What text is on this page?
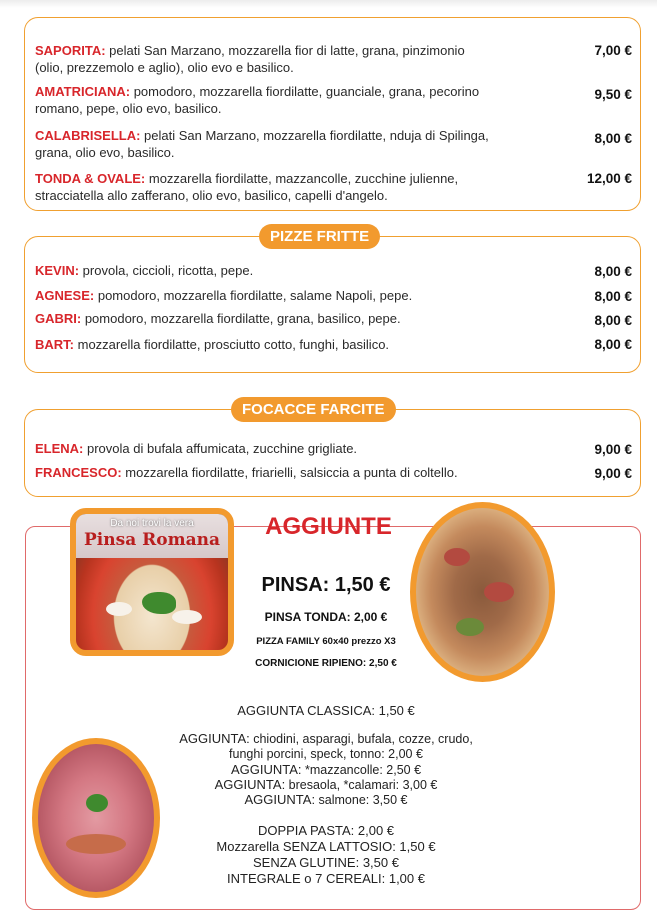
SAPORITA: pelati San Marzano, mozzarella fior di latte, grana, pinzimonio
(olio, prezzemolo e aglio), olio evo e basilico.
7,00 €
AMATRICIANA: pomodoro, mozzarella fiordilatte, guanciale, grana, pecorino
romano, pepe, olio evo, basilico.
9,50 €
CALABRISELLA: pelati San Marzano, mozzarella fiordilatte, nduja di Spilinga,
grana, olio evo, basilico.
8,00 €
TONDA & OVALE: mozzarella fiordilatte, mazzancolle, zucchine julienne,
stracciatella allo zafferano, olio evo, basilico, capelli d'angelo.
12,00 €
KEVIN: provola, ciccioli, ricotta, pepe.	8,00 €
AGNESE: pomodoro, mozzarella fiordilatte, salame Napoli, pepe.	8,00 €
GABRI: pomodoro, mozzarella fiordilatte, grana, basilico, pepe.	8,00 €
BART: mozzarella fiordilatte, prosciutto cotto, funghi, basilico.	8,00 €
PIZZE FRITTE
ELENA: provola di bufala affumicata, zucchine grigliate.	9,00 €
FRANCESCO: mozzarella fiordilatte, friarielli, salsiccia a punta di coltello.	9,00 €
FOCACCE FARCITE
Da noi trovi la vera
Pinsa Romana	AGGIUNTE
PINSA: 1,50 €
PINSA TONDA: 2,00 €
PIZZA FAMILY 60x40 prezzo X3
CORNICIONE RIPIENO: 2,50 €
AGGIUNTA CLASSICA: 1,50 €
AGGIUNTA: chiodini, asparagi, bufala, cozze, crudo,
funghi porcini, speck, tonno: 2,00 €
AGGIUNTA: *mazzancolle: 2,50 €
AGGIUNTA: bresaola, *calamari: 3,00 €
AGGIUNTA: salmone: 3,50 €
DOPPIA PASTA: 2,00 €
Mozzarella SENZA LATTOSIO: 1,50 €
SENZA GLUTINE: 3,50 €
INTEGRALE o 7 CEREALI: 1,00 €
